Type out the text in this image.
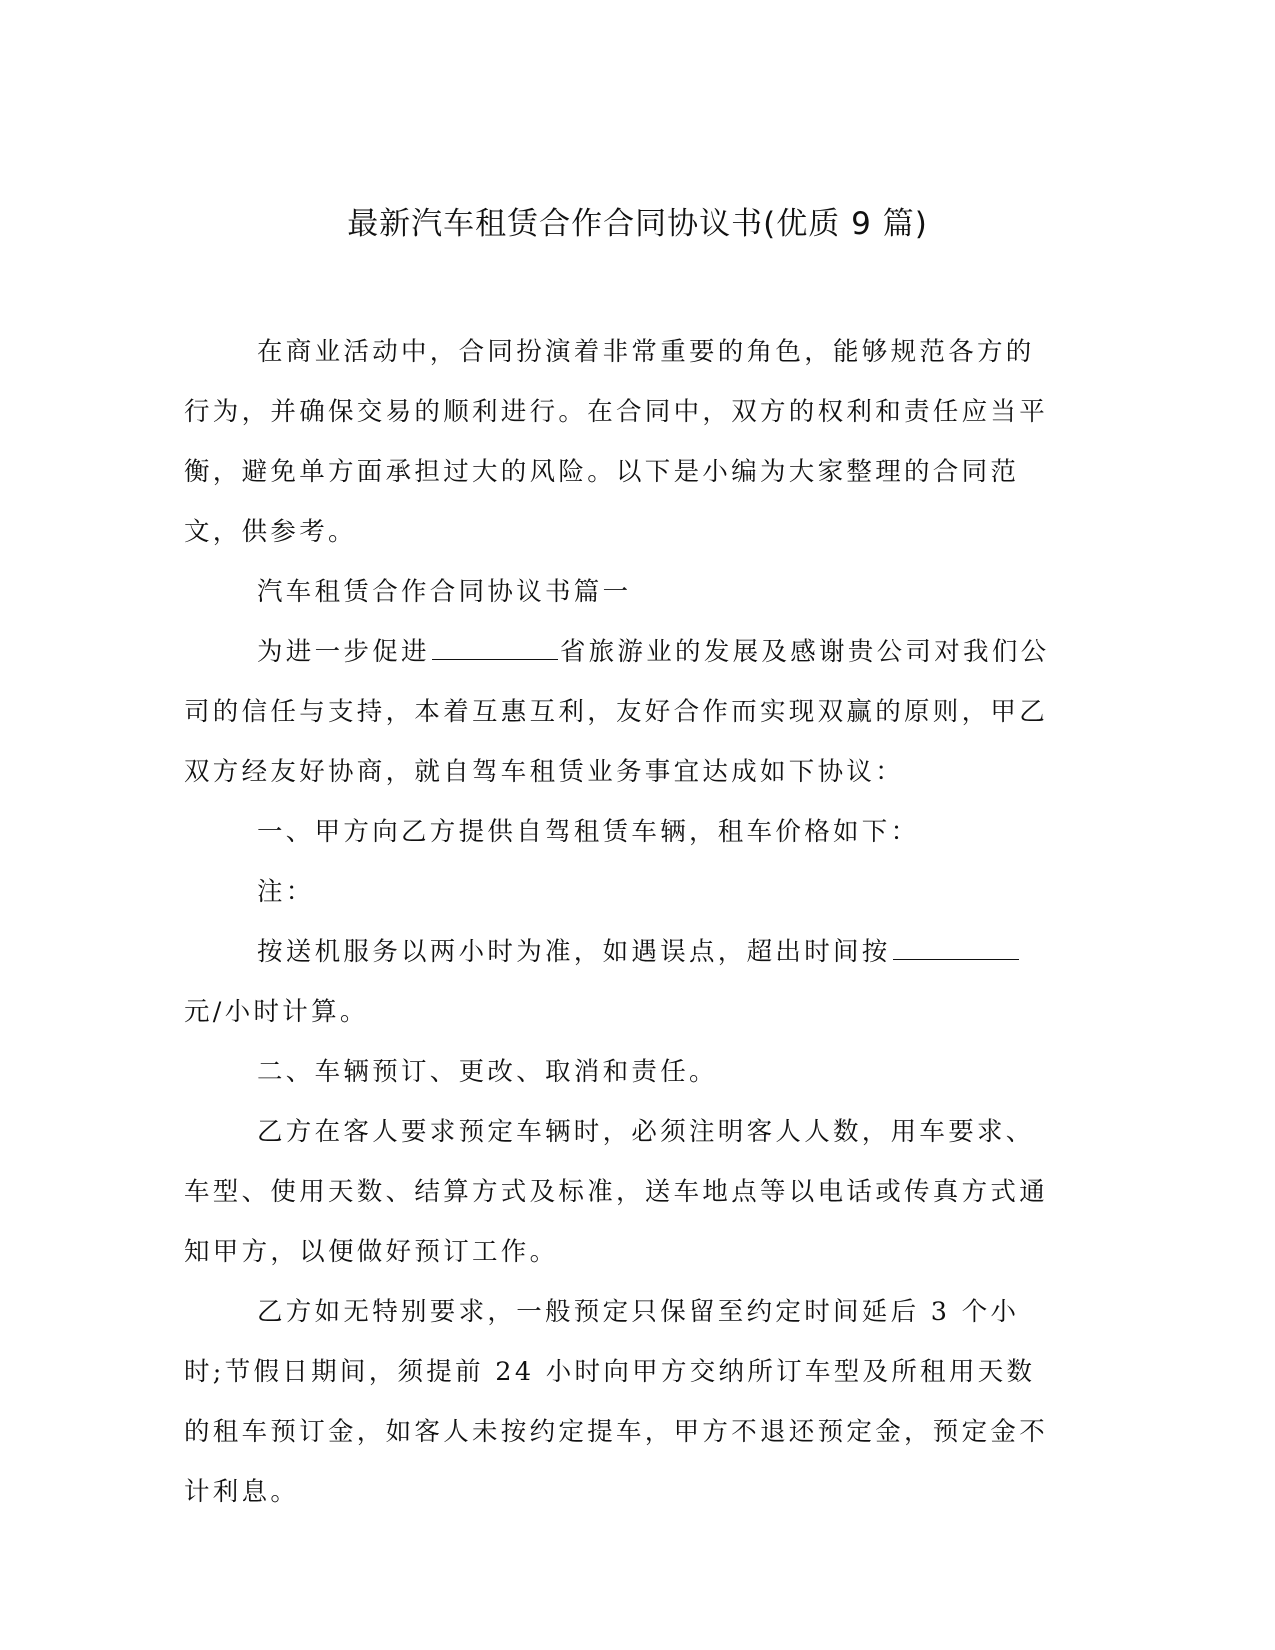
最新汽车租赁合作合同协议书(优质 9 篇)

在商业活动中，合同扮演着非常重要的角色，能够规范各方的行为，并确保交易的顺利进行。在合同中，双方的权利和责任应当平衡，避免单方面承担过大的风险。以下是小编为大家整理的合同范文，供参考。

汽车租赁合作合同协议书篇一

为进一步促进	省旅游业的发展及感谢贵公司对我们公司的信任与支持，本着互惠互利，友好合作而实现双赢的原则，甲乙双方经友好协商，就自驾车租赁业务事宜达成如下协议：

一、甲方向乙方提供自驾租赁车辆，租车价格如下：

注：

按送机服务以两小时为准，如遇误点，超出时间按元/小时计算。

二、车辆预订、更改、取消和责任。

乙方在客人要求预定车辆时，必须注明客人人数，用车要求、车型、使用天数、结算方式及标准，送车地点等以电话或传真方式通知甲方，以便做好预订工作。

乙方如无特别要求，一般预定只保留至约定时间延后 3 个小时;节假日期间，须提前 24 小时向甲方交纳所订车型及所租用天数的租车预订金，如客人未按约定提车，甲方不退还预定金，预定金不计利息。
